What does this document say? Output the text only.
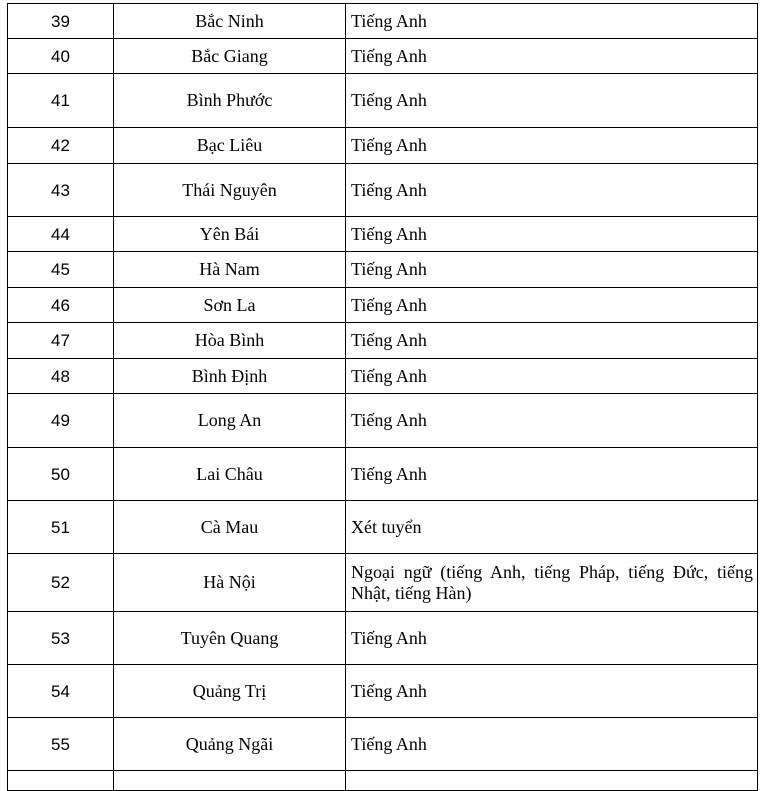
39	Bắc Ninh	Tiếng Anh
40	Bắc Giang	Tiếng Anh
41	Bình Phước	Tiếng Anh
42	Bạc Liêu	Tiếng Anh
43	Thái Nguyên	Tiếng Anh
44	Yên Bái	Tiếng Anh
45	Hà Nam	Tiếng Anh
46	Sơn La	Tiếng Anh
47	Hòa Bình	Tiếng Anh
48	Bình Định	Tiếng Anh
49	Long An	Tiếng Anh
50	Lai Châu	Tiếng Anh
51	Cà Mau	Xét tuyển
52	Hà Nội	Ngoại ngữ (tiếng Anh, tiếng Pháp, tiếng Đức, tiếng Nhật, tiếng Hàn)
53	Tuyên Quang	Tiếng Anh
54	Quảng Trị	Tiếng Anh
55	Quảng Ngãi	Tiếng Anh
